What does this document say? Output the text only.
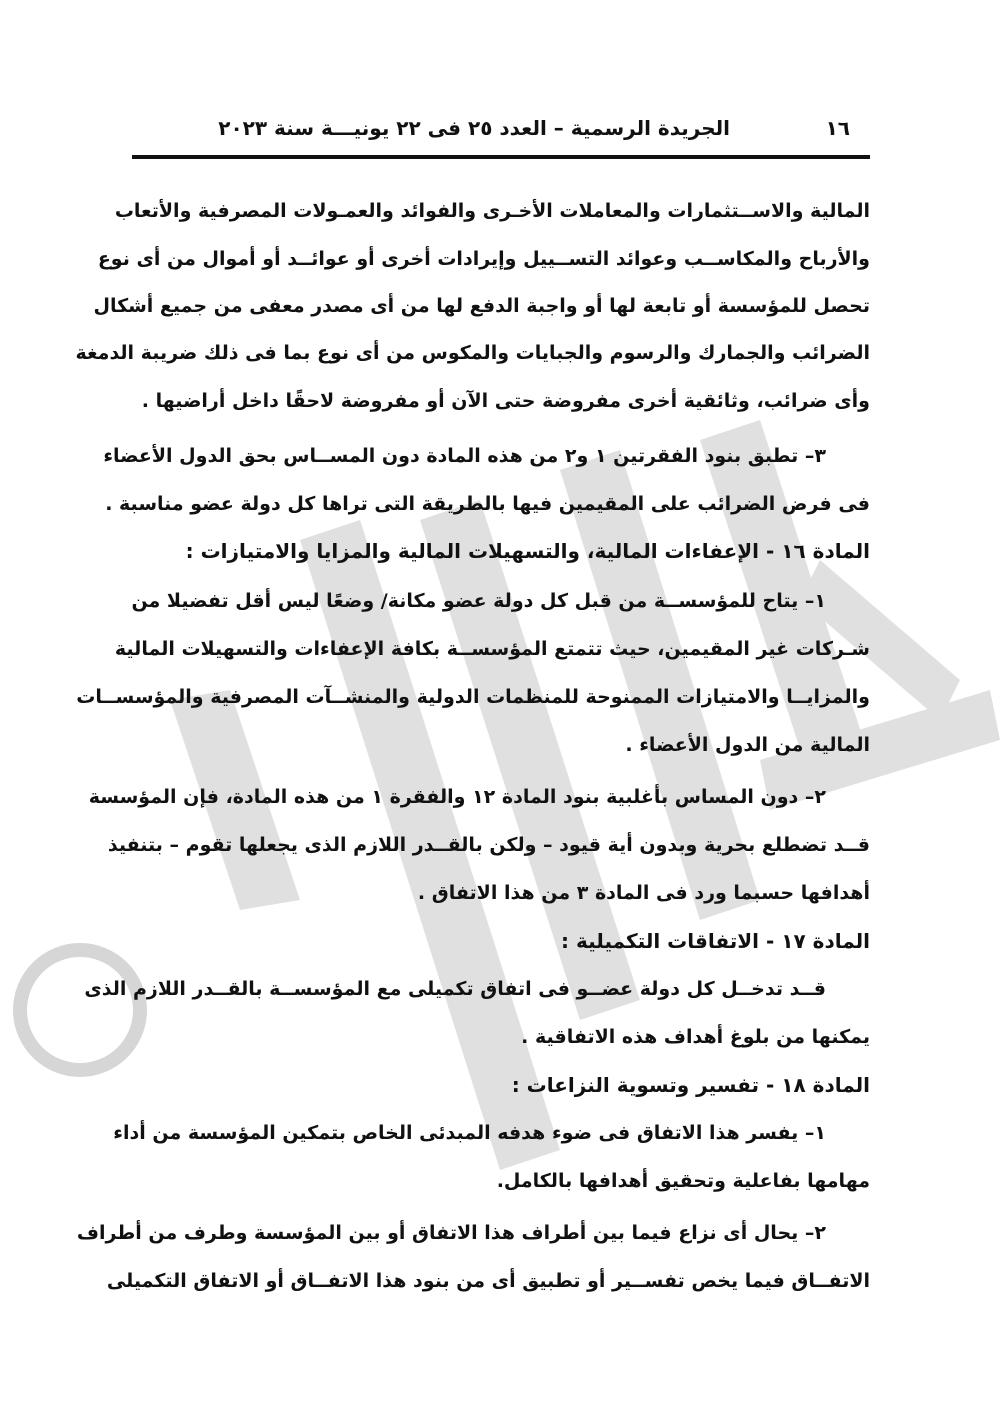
١٦
الجريدة الرسمية – العدد ٢٥ فى ٢٢ يونيـــة سنة ٢٠٢٣
المالية والاســتثمارات والمعاملات الأخـرى والفوائد والعمـولات المصرفية والأتعاب
والأرباح والمكاســب وعوائد التســييل وإيرادات أخرى أو عوائــد أو أموال من أى نوع
تحصل للمؤسسة أو تابعة لها أو واجبة الدفع لها من أى مصدر معفى من جميع أشكال
الضرائب والجمارك والرسوم والجبايات والمكوس من أى نوع بما فى ذلك ضريبة الدمغة
وأى ضرائب، وثائقية أخرى مفروضة حتى الآن أو مفروضة لاحقًا داخل أراضيها .
٣– تطبق بنود الفقرتين ١ و٢ من هذه المادة دون المســاس بحق الدول الأعضاء
فى فرض الضرائب على المقيمين فيها بالطريقة التى تراها كل دولة عضو مناسبة .
المادة ١٦ - الإعفاءات المالية، والتسهيلات المالية والمزايا والامتيازات :
١– يتاح للمؤسســة من قبل كل دولة عضو مكانة/ وضعًا ليس أقل تفضيلا من
شـركات غير المقيمين، حيث تتمتع المؤسســة بكافة الإعفاءات والتسهيلات المالية
والمزايــا والامتيازات الممنوحة للمنظمات الدولية والمنشــآت المصرفية والمؤسســات
المالية من الدول الأعضاء .
٢– دون المساس بأغلبية بنود المادة ١٢ والفقرة ١ من هذه المادة، فإن المؤسسة
قــد تضطلع بحرية وبدون أية قيود – ولكن بالقــدر اللازم الذى يجعلها تقوم – بتنفيذ
أهدافها حسبما ورد فى المادة ٣ من هذا الاتفاق .
المادة ١٧ - الاتفاقات التكميلية :
قــد تدخــل كل دولة عضــو فى اتفاق تكميلى مع المؤسســة بالقــدر اللازم الذى
يمكنها من بلوغ أهداف هذه الاتفاقية .
المادة ١٨ - تفسير وتسوية النزاعات :
١– يفسر هذا الاتفاق فى ضوء هدفه المبدئى الخاص بتمكين المؤسسة من أداء
مهامها بفاعلية وتحقيق أهدافها بالكامل.
٢– يحال أى نزاع فيما بين أطراف هذا الاتفاق أو بين المؤسسة وطرف من أطراف
الاتفــاق فيما يخص تفســير أو تطبيق أى من بنود هذا الاتفــاق أو الاتفاق التكميلى
